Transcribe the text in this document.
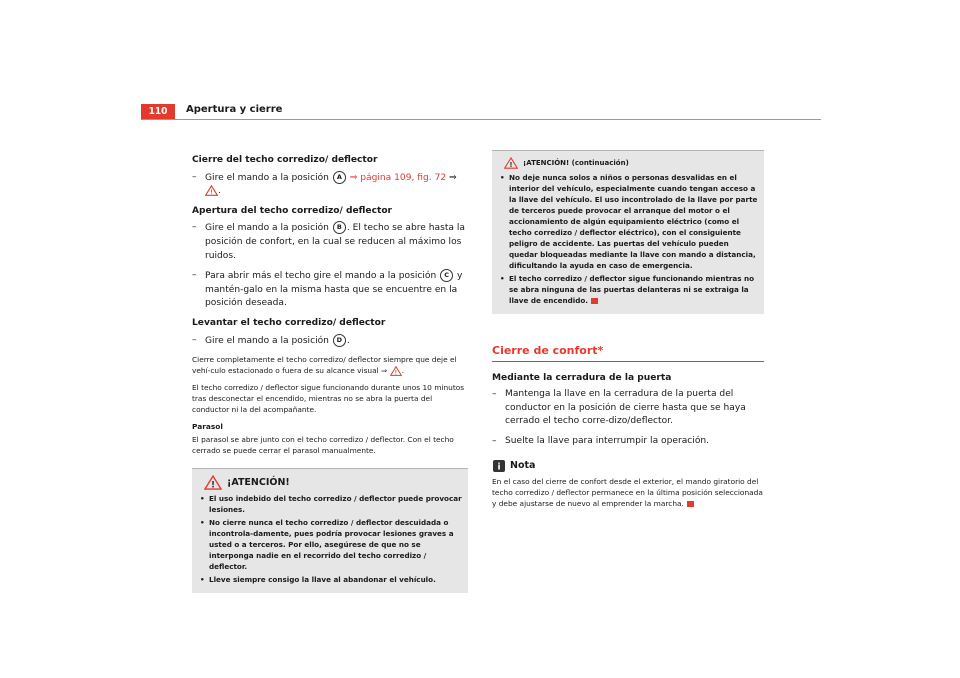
110	Apertura y cierre

Cierre del techo corredizo/ deflector

– Gire el mando a la posición A ⇒ página 109, fig. 72 ⇒
! .

Apertura del techo corredizo/ deflector

– Gire el mando a la posición B . El techo se abre hasta la posición de confort, en la cual se reducen al máximo los ruidos.
– Para abrir más el techo gire el mando a la posición C y mantén-galo en la misma hasta que se encuentre en la posición deseada.

Levantar el techo corredizo/ deflector

– Gire el mando a la posición D .

Cierre completamente el techo corredizo/ deflector siempre que deje el vehí-culo estacionado o fuera de su alcance visual ⇒ ! .

El techo corredizo / deflector sigue funcionando durante unos 10 minutos tras desconectar el encendido, mientras no se abra la puerta del conductor ni la del acompañante.

Parasol

El parasol se abre junto con el techo corredizo / deflector. Con el techo cerrado se puede cerrar el parasol manualmente.

! ¡ATENCIÓN!
• El uso indebido del techo corredizo / deflector puede provocar lesiones.
• No cierre nunca el techo corredizo / deflector descuidada o incontrola-damente, pues podría provocar lesiones graves a usted o a terceros. Por ello, asegúrese de que no se interponga nadie en el recorrido del techo corredizo / deflector.
• Lleve siempre consigo la llave al abandonar el vehículo.
! ¡ATENCIÓN! (continuación)
• No deje nunca solos a niños o personas desvalidas en el interior del vehículo, especialmente cuando tengan acceso a la llave del vehículo. El uso incontrolado de la llave por parte de terceros puede provocar el arranque del motor o el accionamiento de algún equipamiento eléctrico (como el techo corredizo / deflector eléctrico), con el consiguiente peligro de accidente. Las puertas del vehículo pueden quedar bloqueadas mediante la llave con mando a distancia, dificultando la ayuda en caso de emergencia.
• El techo corredizo / deflector sigue funcionando mientras no se abra ninguna de las puertas delanteras ni se extraiga la llave de encendido.
Cierre de confort*

Mediante la cerradura de la puerta

– Mantenga la llave en la cerradura de la puerta del conductor en la posición de cierre hasta que se haya cerrado el techo corre-dizo/deflector.
– Suelte la llave para interrumpir la operación.
i Nota

En el caso del cierre de confort desde el exterior, el mando giratorio del techo corredizo / deflector permanece en la última posición seleccionada y debe ajustarse de nuevo al emprender la marcha.
